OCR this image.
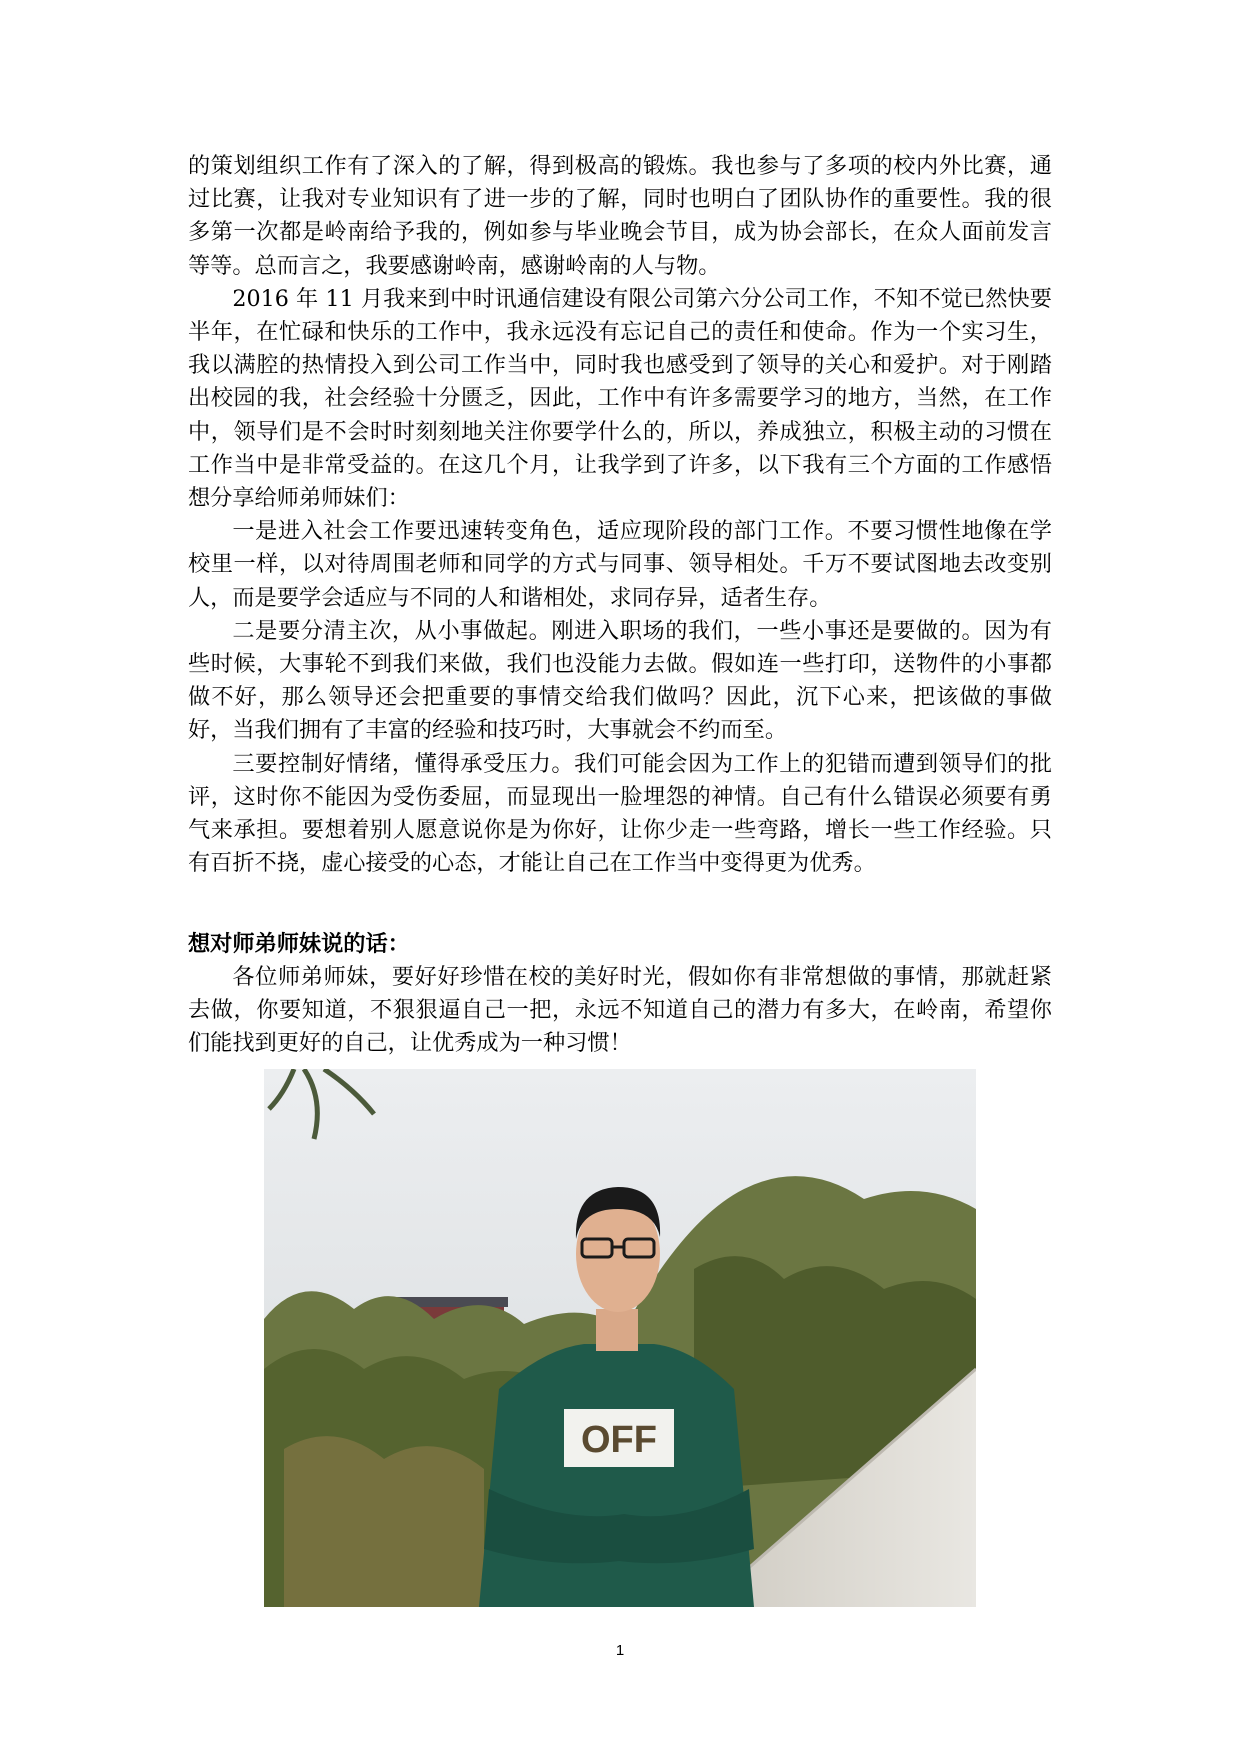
的策划组织工作有了深入的了解，得到极高的锻炼。我也参与了多项的校内外比赛，通过比赛，让我对专业知识有了进一步的了解，同时也明白了团队协作的重要性。我的很多第一次都是岭南给予我的，例如参与毕业晚会节目，成为协会部长，在众人面前发言等等。总而言之，我要感谢岭南，感谢岭南的人与物。

2016 年 11 月我来到中时讯通信建设有限公司第六分公司工作，不知不觉已然快要半年，在忙碌和快乐的工作中，我永远没有忘记自己的责任和使命。作为一个实习生，我以满腔的热情投入到公司工作当中，同时我也感受到了领导的关心和爱护。对于刚踏出校园的我，社会经验十分匮乏，因此，工作中有许多需要学习的地方，当然，在工作中，领导们是不会时时刻刻地关注你要学什么的，所以，养成独立，积极主动的习惯在工作当中是非常受益的。在这几个月，让我学到了许多，以下我有三个方面的工作感悟想分享给师弟师妹们：

一是进入社会工作要迅速转变角色，适应现阶段的部门工作。不要习惯性地像在学校里一样，以对待周围老师和同学的方式与同事、领导相处。千万不要试图地去改变别人，而是要学会适应与不同的人和谐相处，求同存异，适者生存。

二是要分清主次，从小事做起。刚进入职场的我们，一些小事还是要做的。因为有些时候，大事轮不到我们来做，我们也没能力去做。假如连一些打印，送物件的小事都做不好，那么领导还会把重要的事情交给我们做吗？因此，沉下心来，把该做的事做好，当我们拥有了丰富的经验和技巧时，大事就会不约而至。

三要控制好情绪，懂得承受压力。我们可能会因为工作上的犯错而遭到领导们的批评，这时你不能因为受伤委屈，而显现出一脸埋怨的神情。自己有什么错误必须要有勇气来承担。要想着别人愿意说你是为你好，让你少走一些弯路，增长一些工作经验。只有百折不挠，虚心接受的心态，才能让自己在工作当中变得更为优秀。

想对师弟师妹说的话：

各位师弟师妹，要好好珍惜在校的美好时光，假如你有非常想做的事情，那就赶紧去做，你要知道，不狠狠逼自己一把，永远不知道自己的潜力有多大，在岭南，希望你们能找到更好的自己，让优秀成为一种习惯！

OFF
1
